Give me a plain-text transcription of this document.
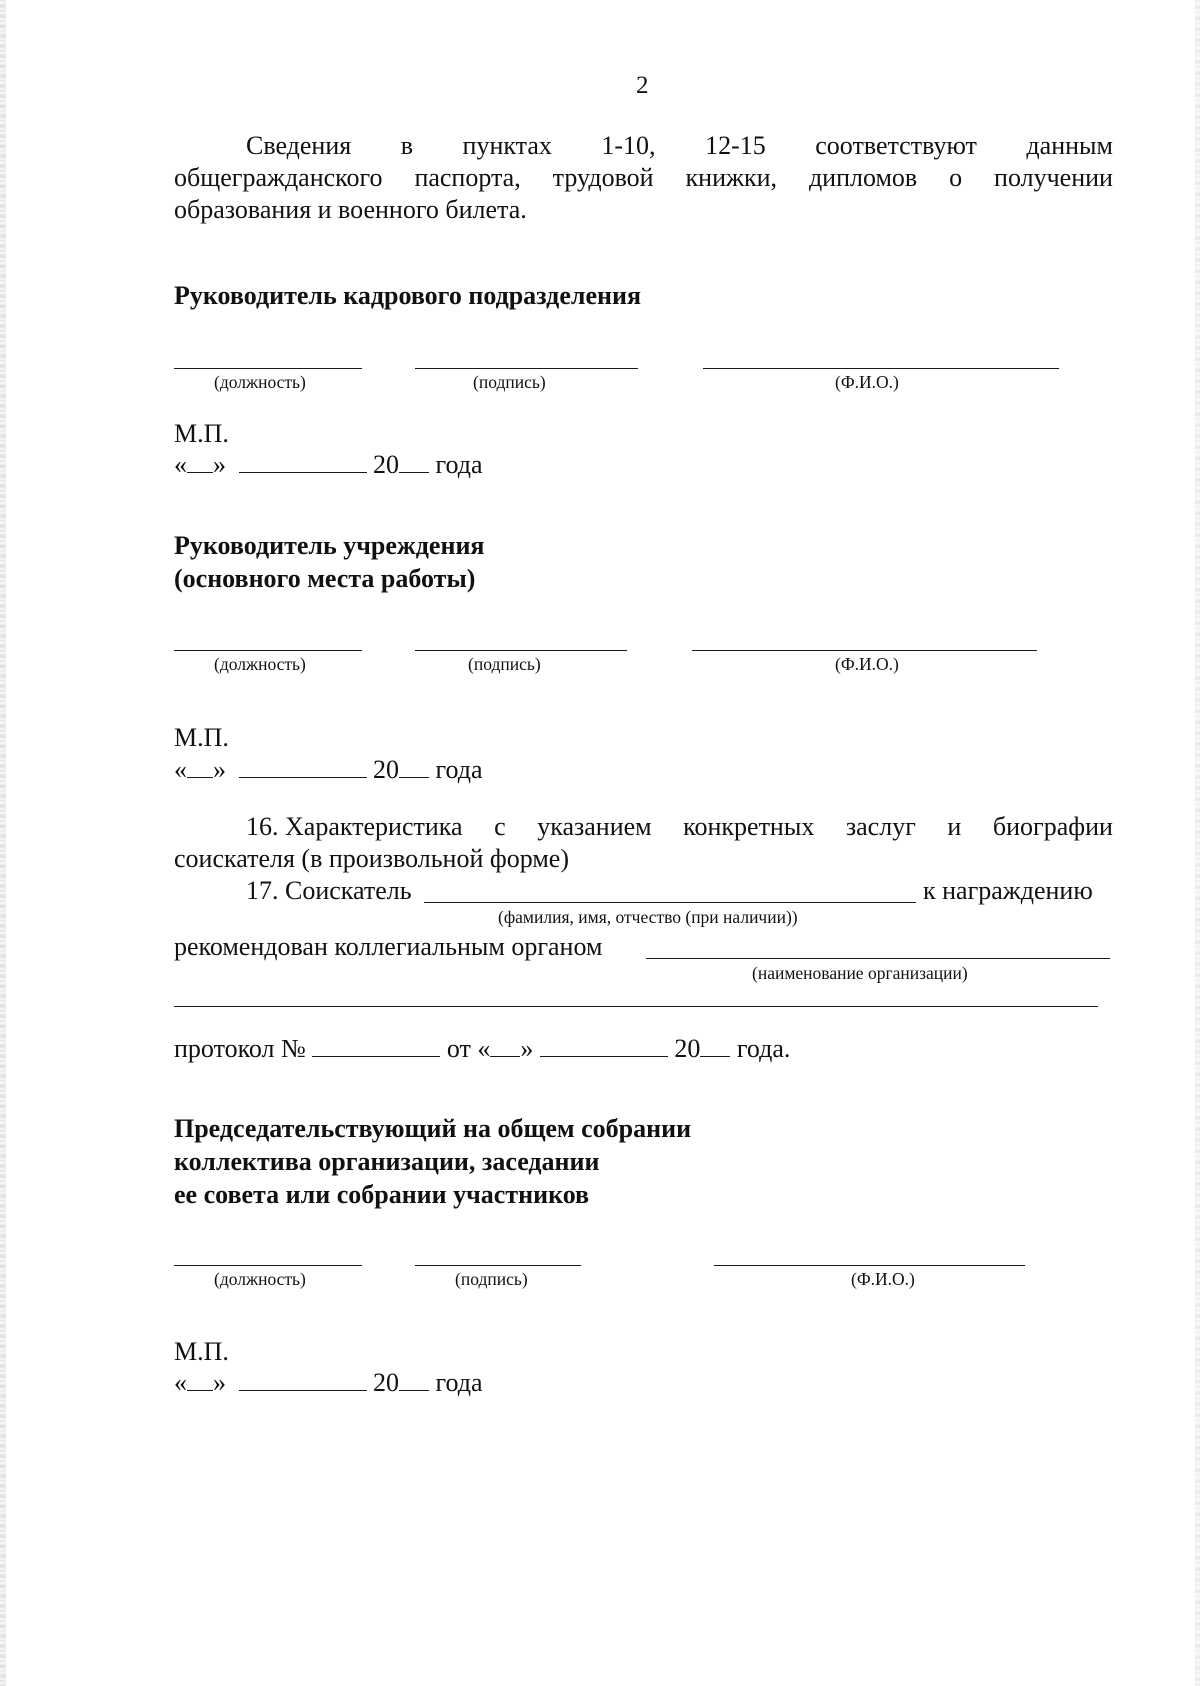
2
Сведения в пунктах 1-10, 12-15 соответствуют данным
общегражданского паспорта, трудовой книжки, дипломов о получении
образования и военного билета.
Руководитель кадрового подразделения
(должность)	(подпись)	(Ф.И.О.)
М.П.
« »	20 года
Руководитель учреждения
(основного места работы)
(должность)	(подпись)	(Ф.И.О.)
М.П.
« »	20 года
16. Характеристика с указанием конкретных заслуг и биографии
соискателя (в произвольной форме)
17. Соискатель	к награждению
(фамилия, имя, отчество (при наличии))
рекомендован коллегиальным органом
(наименование организации)
протокол №	от « »	20 года.
Председательствующий на общем собрании
коллектива организации, заседании
ее совета или собрании участников
(должность)	(подпись)	(Ф.И.О.)
М.П.
« »	20 года
